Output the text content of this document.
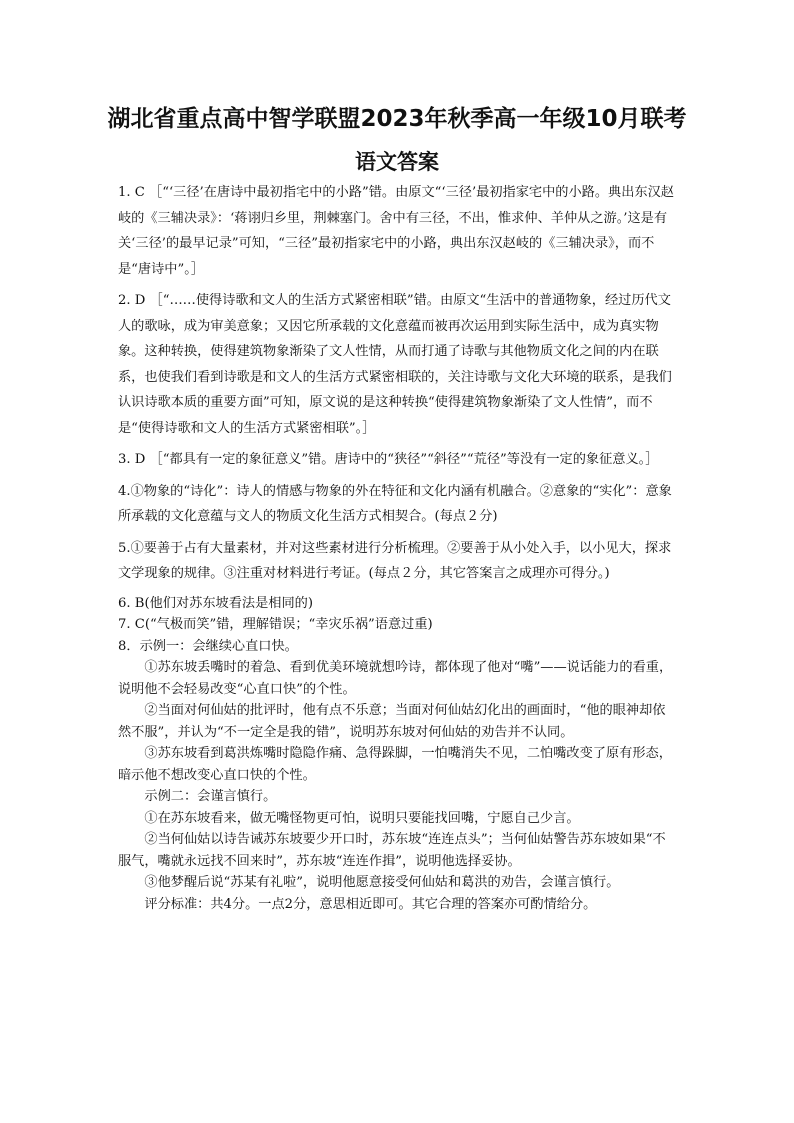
湖北省重点高中智学联盟2023年秋季高一年级10月联考
语文答案

1. C ［“‘三径’在唐诗中最初指宅中的小路”错。由原文“‘三径’最初指家宅中的小路。典出东汉赵岐的《三辅决录》：‘蒋诩归乡里，荆棘塞门。舍中有三径，不出，惟求仲、羊仲从之游。’这是有关‘三径’的最早记录”可知，“三径”最初指家宅中的小路，典出东汉赵岐的《三辅决录》，而不是“唐诗中”。］

2. D ［“……使得诗歌和文人的生活方式紧密相联”错。由原文“生活中的普通物象，经过历代文人的歌咏，成为审美意象；又因它所承载的文化意蕴而被再次运用到实际生活中，成为真实物象。这种转换，使得建筑物象渐染了文人性情，从而打通了诗歌与其他物质文化之间的内在联系，也使我们看到诗歌是和文人的生活方式紧密相联的，关注诗歌与文化大环境的联系，是我们认识诗歌本质的重要方面”可知，原文说的是这种转换“使得建筑物象渐染了文人性情”，而不是“使得诗歌和文人的生活方式紧密相联”。］

3. D ［“都具有一定的象征意义”错。唐诗中的“狭径”“斜径”“荒径”等没有一定的象征意义。］

4.①物象的“诗化”：诗人的情感与物象的外在特征和文化内涵有机融合。②意象的“实化”：意象所承载的文化意蕴与文人的物质文化生活方式相契合。(每点２分)

5.①要善于占有大量素材，并对这些素材进行分析梳理。②要善于从小处入手，以小见大，探求文学现象的规律。③注重对材料进行考证。(每点２分，其它答案言之成理亦可得分。)

6. B(他们对苏东坡看法是相同的)

7. C(“气极而笑”错，理解错误；“幸灾乐祸”语意过重)

8．示例一：会继续心直口快。

①苏东坡丢嘴时的着急、看到优美环境就想吟诗，都体现了他对“嘴”——说话能力的看重，说明他不会轻易改变“心直口快”的个性。

②当面对何仙姑的批评时，他有点不乐意；当面对何仙姑幻化出的画面时，“他的眼神却依然不服”，并认为“不一定全是我的错”，说明苏东坡对何仙姑的劝告并不认同。

③苏东坡看到葛洪炼嘴时隐隐作痛、急得跺脚，一怕嘴消失不见，二怕嘴改变了原有形态，暗示他不想改变心直口快的个性。

示例二：会谨言慎行。

①在苏东坡看来，做无嘴怪物更可怕，说明只要能找回嘴，宁愿自己少言。

②当何仙姑以诗告诫苏东坡要少开口时，苏东坡“连连点头”；当何仙姑警告苏东坡如果“不服气，嘴就永远找不回来时”，苏东坡“连连作揖”，说明他选择妥协。

③他梦醒后说“苏某有礼啦”，说明他愿意接受何仙姑和葛洪的劝告，会谨言慎行。

评分标准：共4分。一点2分，意思相近即可。其它合理的答案亦可酌情给分。
